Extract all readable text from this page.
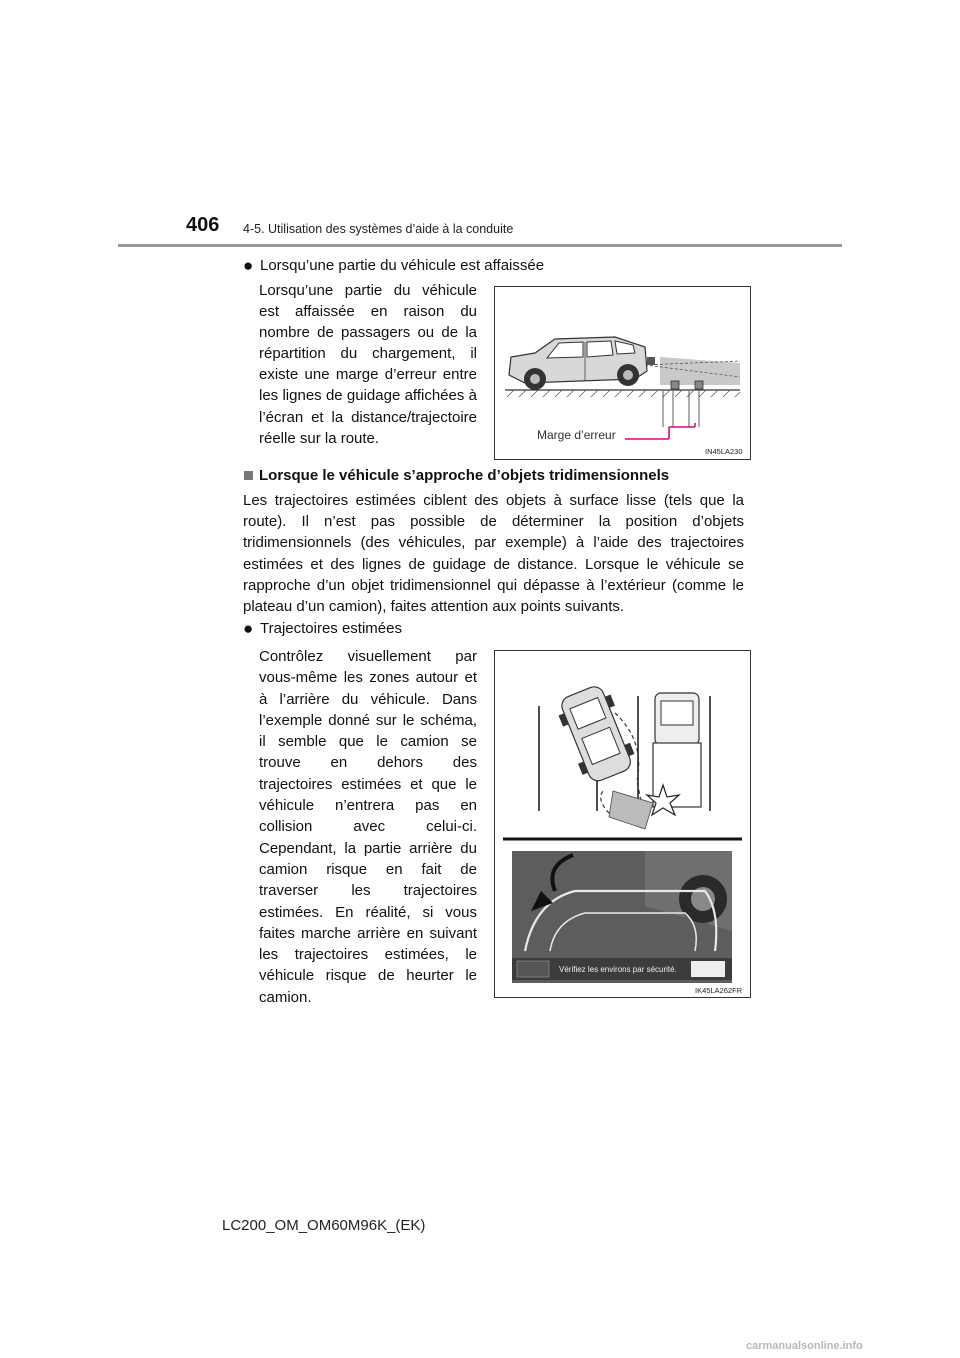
406 4-5. Utilisation des systèmes d’aide à la conduite
● Lorsqu’une partie du véhicule est affaissée
Lorsqu’une partie du véhicule est affaissée en raison du nombre de passagers ou de la répartition du chargement, il existe une marge d’erreur entre les lignes de guidage affichées à l’écran et la distance/trajectoire réelle sur la route.	Marge d’erreur
IN45LA230
Lorsque le véhicule s’approche d’objets tridimensionnels
Les trajectoires estimées ciblent des objets à surface lisse (tels que la route). Il n’est pas possible de déterminer la position d’objets tridimensionnels (des véhicules, par exemple) à l’aide des trajectoires estimées et des lignes de guidage de distance. Lorsque le véhicule se rapproche d’un objet tridimensionnel qui dépasse à l’extérieur (comme le plateau d’un camion), faites attention aux points suivants.
● Trajectoires estimées
Contrôlez visuellement par vous-même les zones autour et à l’arrière du véhicule. Dans l’exemple donné sur le schéma, il semble que le camion se trouve en dehors des trajectoires estimées et que le véhicule n’entrera pas en collision avec celui-ci. Cependant, la partie arrière du camion risque en fait de traverser les trajectoires estimées. En réalité, si vous faites marche arrière en suivant les trajectoires estimées, le véhicule risque de heurter le camion.
Vérifiez les environs par sécurité.
IK45LA262FR
LC200_OM_OM60M96K_(EK)
carmanualsonline.info
